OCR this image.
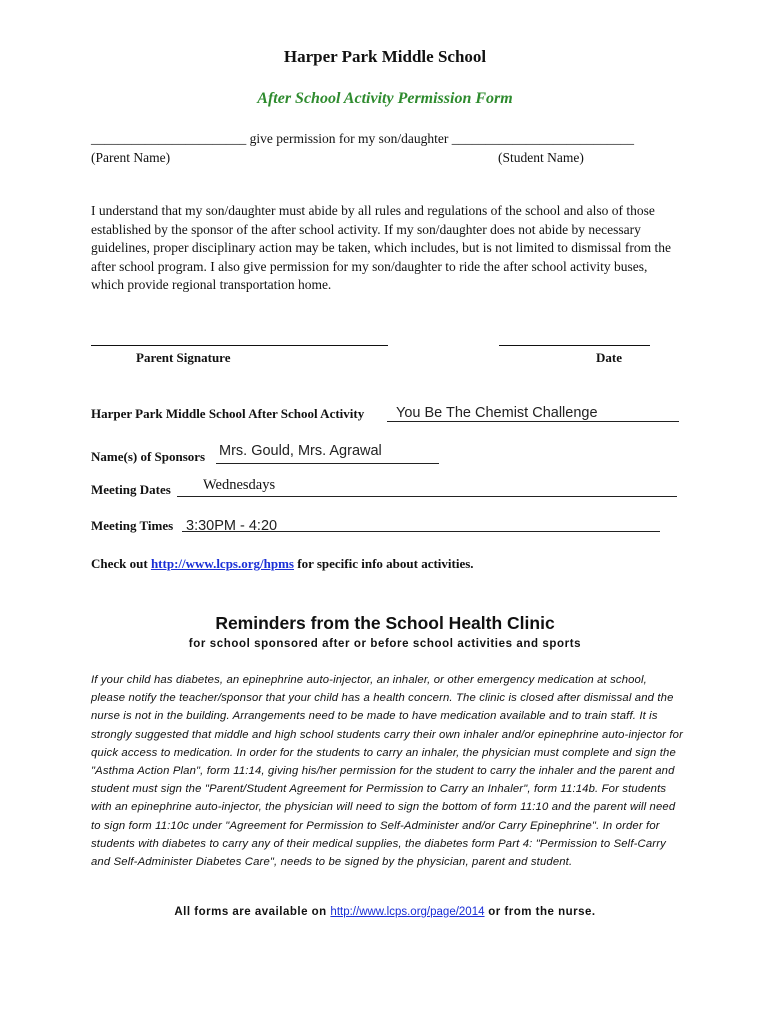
Harper Park Middle School
After School Activity Permission Form
_______________________ give permission for my son/daughter ___________________________
(Parent Name)	(Student Name)
I understand that my son/daughter must abide by all rules and regulations of the school and also of those established by the sponsor of the after school activity. If my son/daughter does not abide by necessary guidelines, proper disciplinary action may be taken, which includes, but is not limited to dismissal from the after school program. I also give permission for my son/daughter to ride the after school activity buses, which provide regional transportation home.
Parent Signature	Date
Harper Park Middle School After School Activity You Be The Chemist Challenge
Name(s) of Sponsors Mrs. Gould, Mrs. Agrawal
Meeting Dates Wednesdays
Meeting Times 3:30PM - 4:20
Check out http://www.lcps.org/hpms for specific info about activities.
Reminders from the School Health Clinic
for school sponsored after or before school activities and sports
If your child has diabetes, an epinephrine auto-injector, an inhaler, or other emergency medication at school, please notify the teacher/sponsor that your child has a health concern. The clinic is closed after dismissal and the nurse is not in the building. Arrangements need to be made to have medication available and to train staff. It is strongly suggested that middle and high school students carry their own inhaler and/or epinephrine auto-injector for quick access to medication. In order for the students to carry an inhaler, the physician must complete and sign the "Asthma Action Plan", form 11:14, giving his/her permission for the student to carry the inhaler and the parent and student must sign the "Parent/Student Agreement for Permission to Carry an Inhaler", form 11:14b. For students with an epinephrine auto-injector, the physician will need to sign the bottom of form 11:10 and the parent will need to sign form 11:10c under "Agreement for Permission to Self-Administer and/or Carry Epinephrine". In order for students with diabetes to carry any of their medical supplies, the diabetes form Part 4: "Permission to Self-Carry and Self-Administer Diabetes Care", needs to be signed by the physician, parent and student.
All forms are available on http://www.lcps.org/page/2014 or from the nurse.
